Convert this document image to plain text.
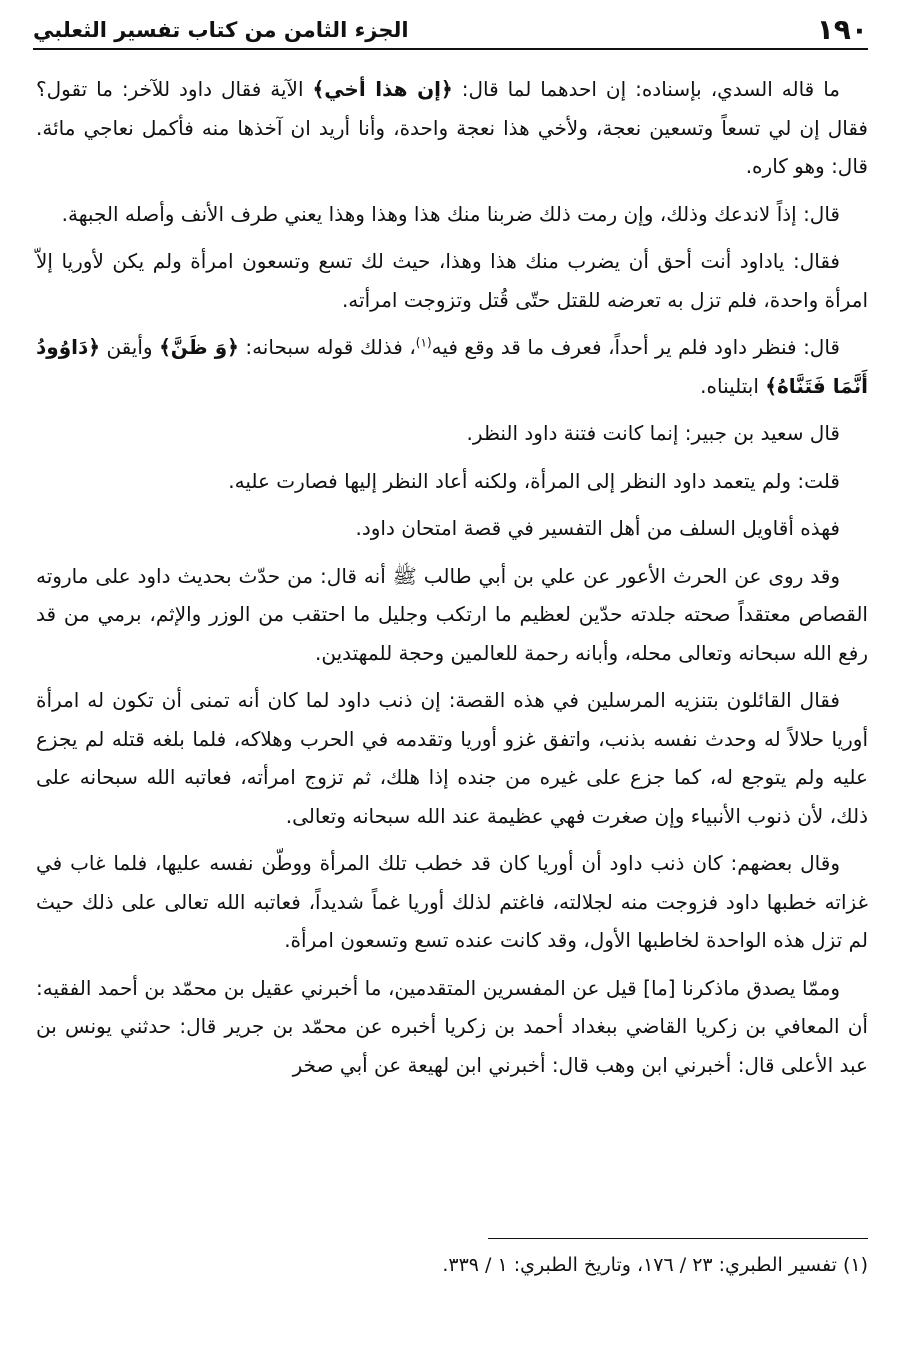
١٩٠
الجزء الثامن من كتاب تفسير الثعلبي

ما قاله السدي، بإسناده: إن احدهما لما قال: ﴿إن هذا أخي﴾ الآية فقال داود للآخر: ما تقول؟ فقال إن لي تسعاً وتسعين نعجة، ولأخي هذا نعجة واحدة، وأنا أريد ان آخذها منه فأكمل نعاجي مائة. قال: وهو كاره.

قال: إذاً لاندعك وذلك، وإن رمت ذلك ضربنا منك هذا وهذا وهذا يعني طرف الأنف وأصله الجبهة.

فقال: ياداود أنت أحق أن يضرب منك هذا وهذا، حيث لك تسع وتسعون امرأة ولم يكن لأوريا إلاّ امرأة واحدة، فلم تزل به تعرضه للقتل حتّى قُتل وتزوجت امرأته.

قال: فنظر داود فلم ير أحداً، فعرف ما قد وقع فيه$^{(١)}$، فذلك قوله سبحانه: ﴿وَ ظَنَّ﴾ وأيقن ﴿دَاوُودُ أَنَّمَا فَتَنَّاهُ﴾ ابتليناه.

قال سعيد بن جبير: إنما كانت فتنة داود النظر.

قلت: ولم يتعمد داود النظر إلى المرأة، ولكنه أعاد النظر إليها فصارت عليه.

فهذه أقاويل السلف من أهل التفسير في قصة امتحان داود.

وقد روى عن الحرث الأعور عن علي بن أبي طالب ﷺ أنه قال: من حدّث بحديث داود على ماروته القصاص معتقداً صحته جلدته حدّين لعظيم ما ارتكب وجليل ما احتقب من الوزر والإثم، برمي من قد رفع الله سبحانه وتعالى محله، وأبانه رحمة للعالمين وحجة للمهتدين.

فقال القائلون بتنزيه المرسلين في هذه القصة: إن ذنب داود لما كان أنه تمنى أن تكون له امرأة أوريا حلالاً له وحدث نفسه بذنب، واتفق غزو أوريا وتقدمه في الحرب وهلاكه، فلما بلغه قتله لم يجزع عليه ولم يتوجع له، كما جزع على غيره من جنده إذا هلك، ثم تزوج امرأته، فعاتبه الله سبحانه على ذلك، لأن ذنوب الأنبياء وإن صغرت فهي عظيمة عند الله سبحانه وتعالى.

وقال بعضهم: كان ذنب داود أن أوريا كان قد خطب تلك المرأة ووطّن نفسه عليها، فلما غاب في غزاته خطبها داود فزوجت منه لجلالته، فاغتم لذلك أوريا غماً شديداً، فعاتبه الله تعالى على ذلك حيث لم تزل هذه الواحدة لخاطبها الأول، وقد كانت عنده تسع وتسعون امرأة.

وممّا يصدق ماذكرنا [ما] قيل عن المفسرين المتقدمين، ما أخبرني عقيل بن محمّد بن أحمد الفقيه: أن المعافي بن زكريا القاضي ببغداد أحمد بن زكريا أخبره عن محمّد بن جرير قال: حدثني يونس بن عبد الأعلى قال: أخبرني ابن وهب قال: أخبرني ابن لهيعة عن أبي صخر

(١) تفسير الطبري: ٢٣ / ١٧٦، وتاريخ الطبري: ١ / ٣٣٩.
